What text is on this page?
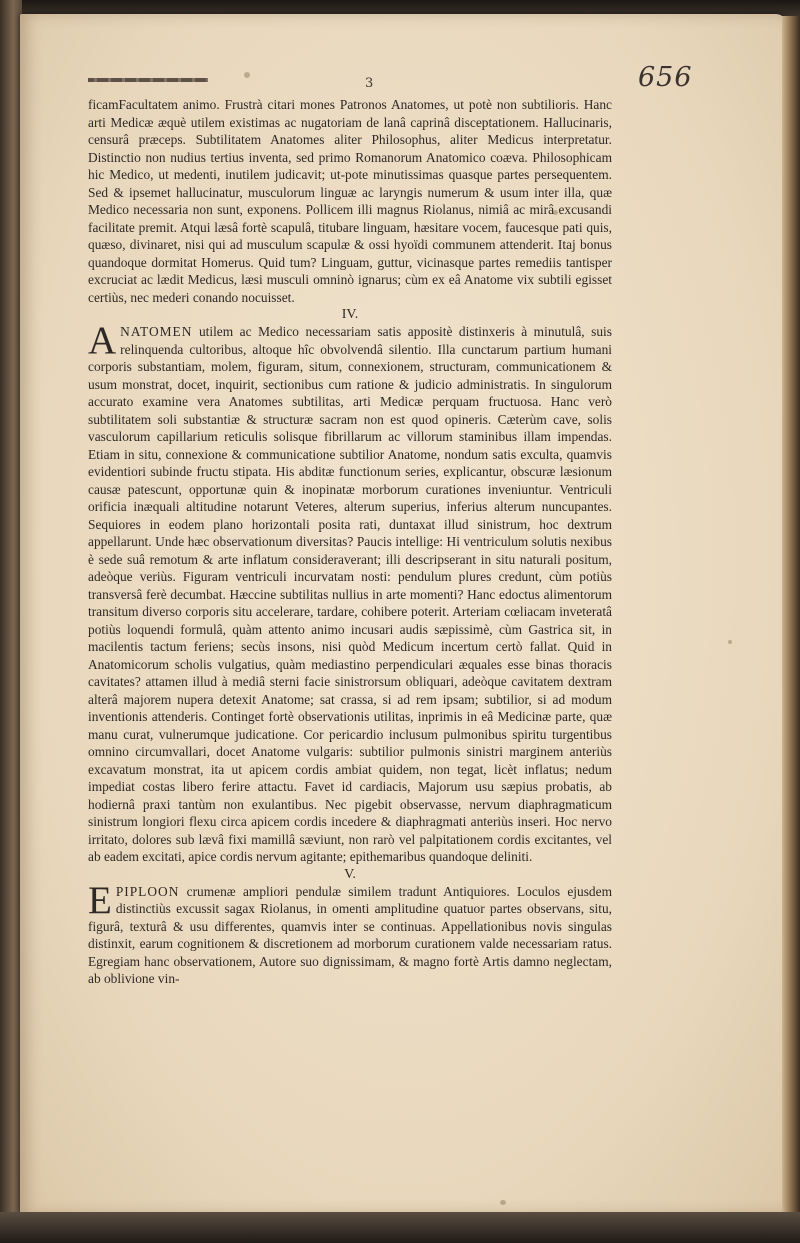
3	656

ficamFacultatem animo. Frustrà citari mones Patronos Anatomes, ut potè non subtilioris. Hanc arti Medicæ æquè utilem existimas ac nugatoriam de lanâ caprinâ disceptationem. Hallucinaris, censurâ præceps. Subtilitatem Anatomes aliter Philosophus, aliter Medicus interpretatur. Distinctio non nudius tertius inventa, sed primo Romanorum Anatomico coæva. Philosophicam hic Medico, ut medenti, inutilem judicavit; ut-pote minutissimas quasque partes persequentem. Sed & ipsemet hallucinatur, musculorum linguæ ac laryngis numerum & usum inter illa, quæ Medico necessaria non sunt, exponens. Pollicem illi magnus Riolanus, nimiâ ac mirâ excusandi facilitate premit. Atqui læsâ fortè scapulâ, titubare linguam, hæsitare vocem, faucesque pati quis, quæso, divinaret, nisi qui ad musculum scapulæ & ossi hyoïdi communem attenderit. Itaj bonus quandoque dormitat Homerus. Quid tum? Linguam, guttur, vicinasque partes remediis tantisper excruciat ac lædit Medicus, læsi musculi omninò ignarus; cùm ex eâ Anatome vix subtili egisset certiùs, nec mederi conando nocuisset.

IV.

ANATOMEN utilem ac Medico necessariam satis appositè distinxeris à minutulâ, suis relinquenda cultoribus, altoque hîc obvolvendâ silentio. Illa cunctarum partium humani corporis substantiam, molem, figuram, situm, connexionem, structuram, communicationem & usum monstrat, docet, inquirit, sectionibus cum ratione & judicio administratis. In singulorum accurato examine vera Anatomes subtilitas, arti Medicæ perquam fructuosa. Hanc verò subtilitatem soli substantiæ & structuræ sacram non est quod opineris. Cæterùm cave, solis vasculorum capillarium reticulis solisque fibrillarum ac villorum staminibus illam impendas. Etiam in situ, connexione & communicatione subtilior Anatome, nondum satis exculta, quamvis evidentiori subinde fructu stipata. His abditæ functionum series, explicantur, obscuræ læsionum causæ patescunt, opportunæ quin & inopinatæ morborum curationes inveniuntur. Ventriculi orificia inæquali altitudine notarunt Veteres, alterum superius, inferius alterum nuncupantes. Sequiores in eodem plano horizontali posita rati, duntaxat illud sinistrum, hoc dextrum appellarunt. Unde hæc observationum diversitas? Paucis intellige: Hi ventriculum solutis nexibus è sede suâ remotum & arte inflatum consideraverant; illi descripserant in situ naturali positum, adeòque veriùs. Figuram ventriculi incurvatam nosti: pendulum plures credunt, cùm potiùs transversâ ferè decumbat. Hæccine subtilitas nullius in arte momenti? Hanc edoctus alimentorum transitum diverso corporis situ accelerare, tardare, cohibere poterit. Arteriam cœliacam inveteratâ potiùs loquendi formulâ, quàm attento animo incusari audis sæpissimè, cùm Gastrica sit, in macilentis tactum feriens; secùs insons, nisi quòd Medicum incertum certò fallat. Quid in Anatomicorum scholis vulgatius, quàm mediastino perpendiculari æquales esse binas thoracis cavitates? attamen illud à mediâ sterni facie sinistrorsum obliquari, adeòque cavitatem dextram alterâ majorem nupera detexit Anatome; sat crassa, si ad rem ipsam; subtilior, si ad modum inventionis attenderis. Continget fortè observationis utilitas, inprimis in eâ Medicinæ parte, quæ manu curat, vulnerumque judicatione. Cor pericardio inclusum pulmonibus spiritu turgentibus omnino circumvallari, docet Anatome vulgaris: subtilior pulmonis sinistri marginem anteriùs excavatum monstrat, ita ut apicem cordis ambiat quidem, non tegat, licèt inflatus; nedum impediat costas libero ferire attactu. Favet id cardiacis, Majorum usu sæpius probatis, ab hodiernâ praxi tantùm non exulantibus. Nec pigebit observasse, nervum diaphragmaticum sinistrum longiori flexu circa apicem cordis incedere & diaphragmati anteriùs inseri. Hoc nervo irritato, dolores sub lævâ fixi mamillâ sæviunt, non rarò vel palpitationem cordis excitantes, vel ab eadem excitati, apice cordis nervum agitante; epithemaribus quandoque deliniti.

V.

EPIPLOON crumenæ ampliori pendulæ similem tradunt Antiquiores. Loculos ejusdem distinctiùs excussit sagax Riolanus, in omenti amplitudine quatuor partes observans, situ, figurâ, texturâ & usu differentes, quamvis inter se continuas. Appellationibus novis singulas distinxit, earum cognitionem & discretionem ad morborum curationem valde necessariam ratus. Egregiam hanc observationem, Autore suo dignissimam, & magno fortè Artis damno neglectam, ab oblivione vin-
